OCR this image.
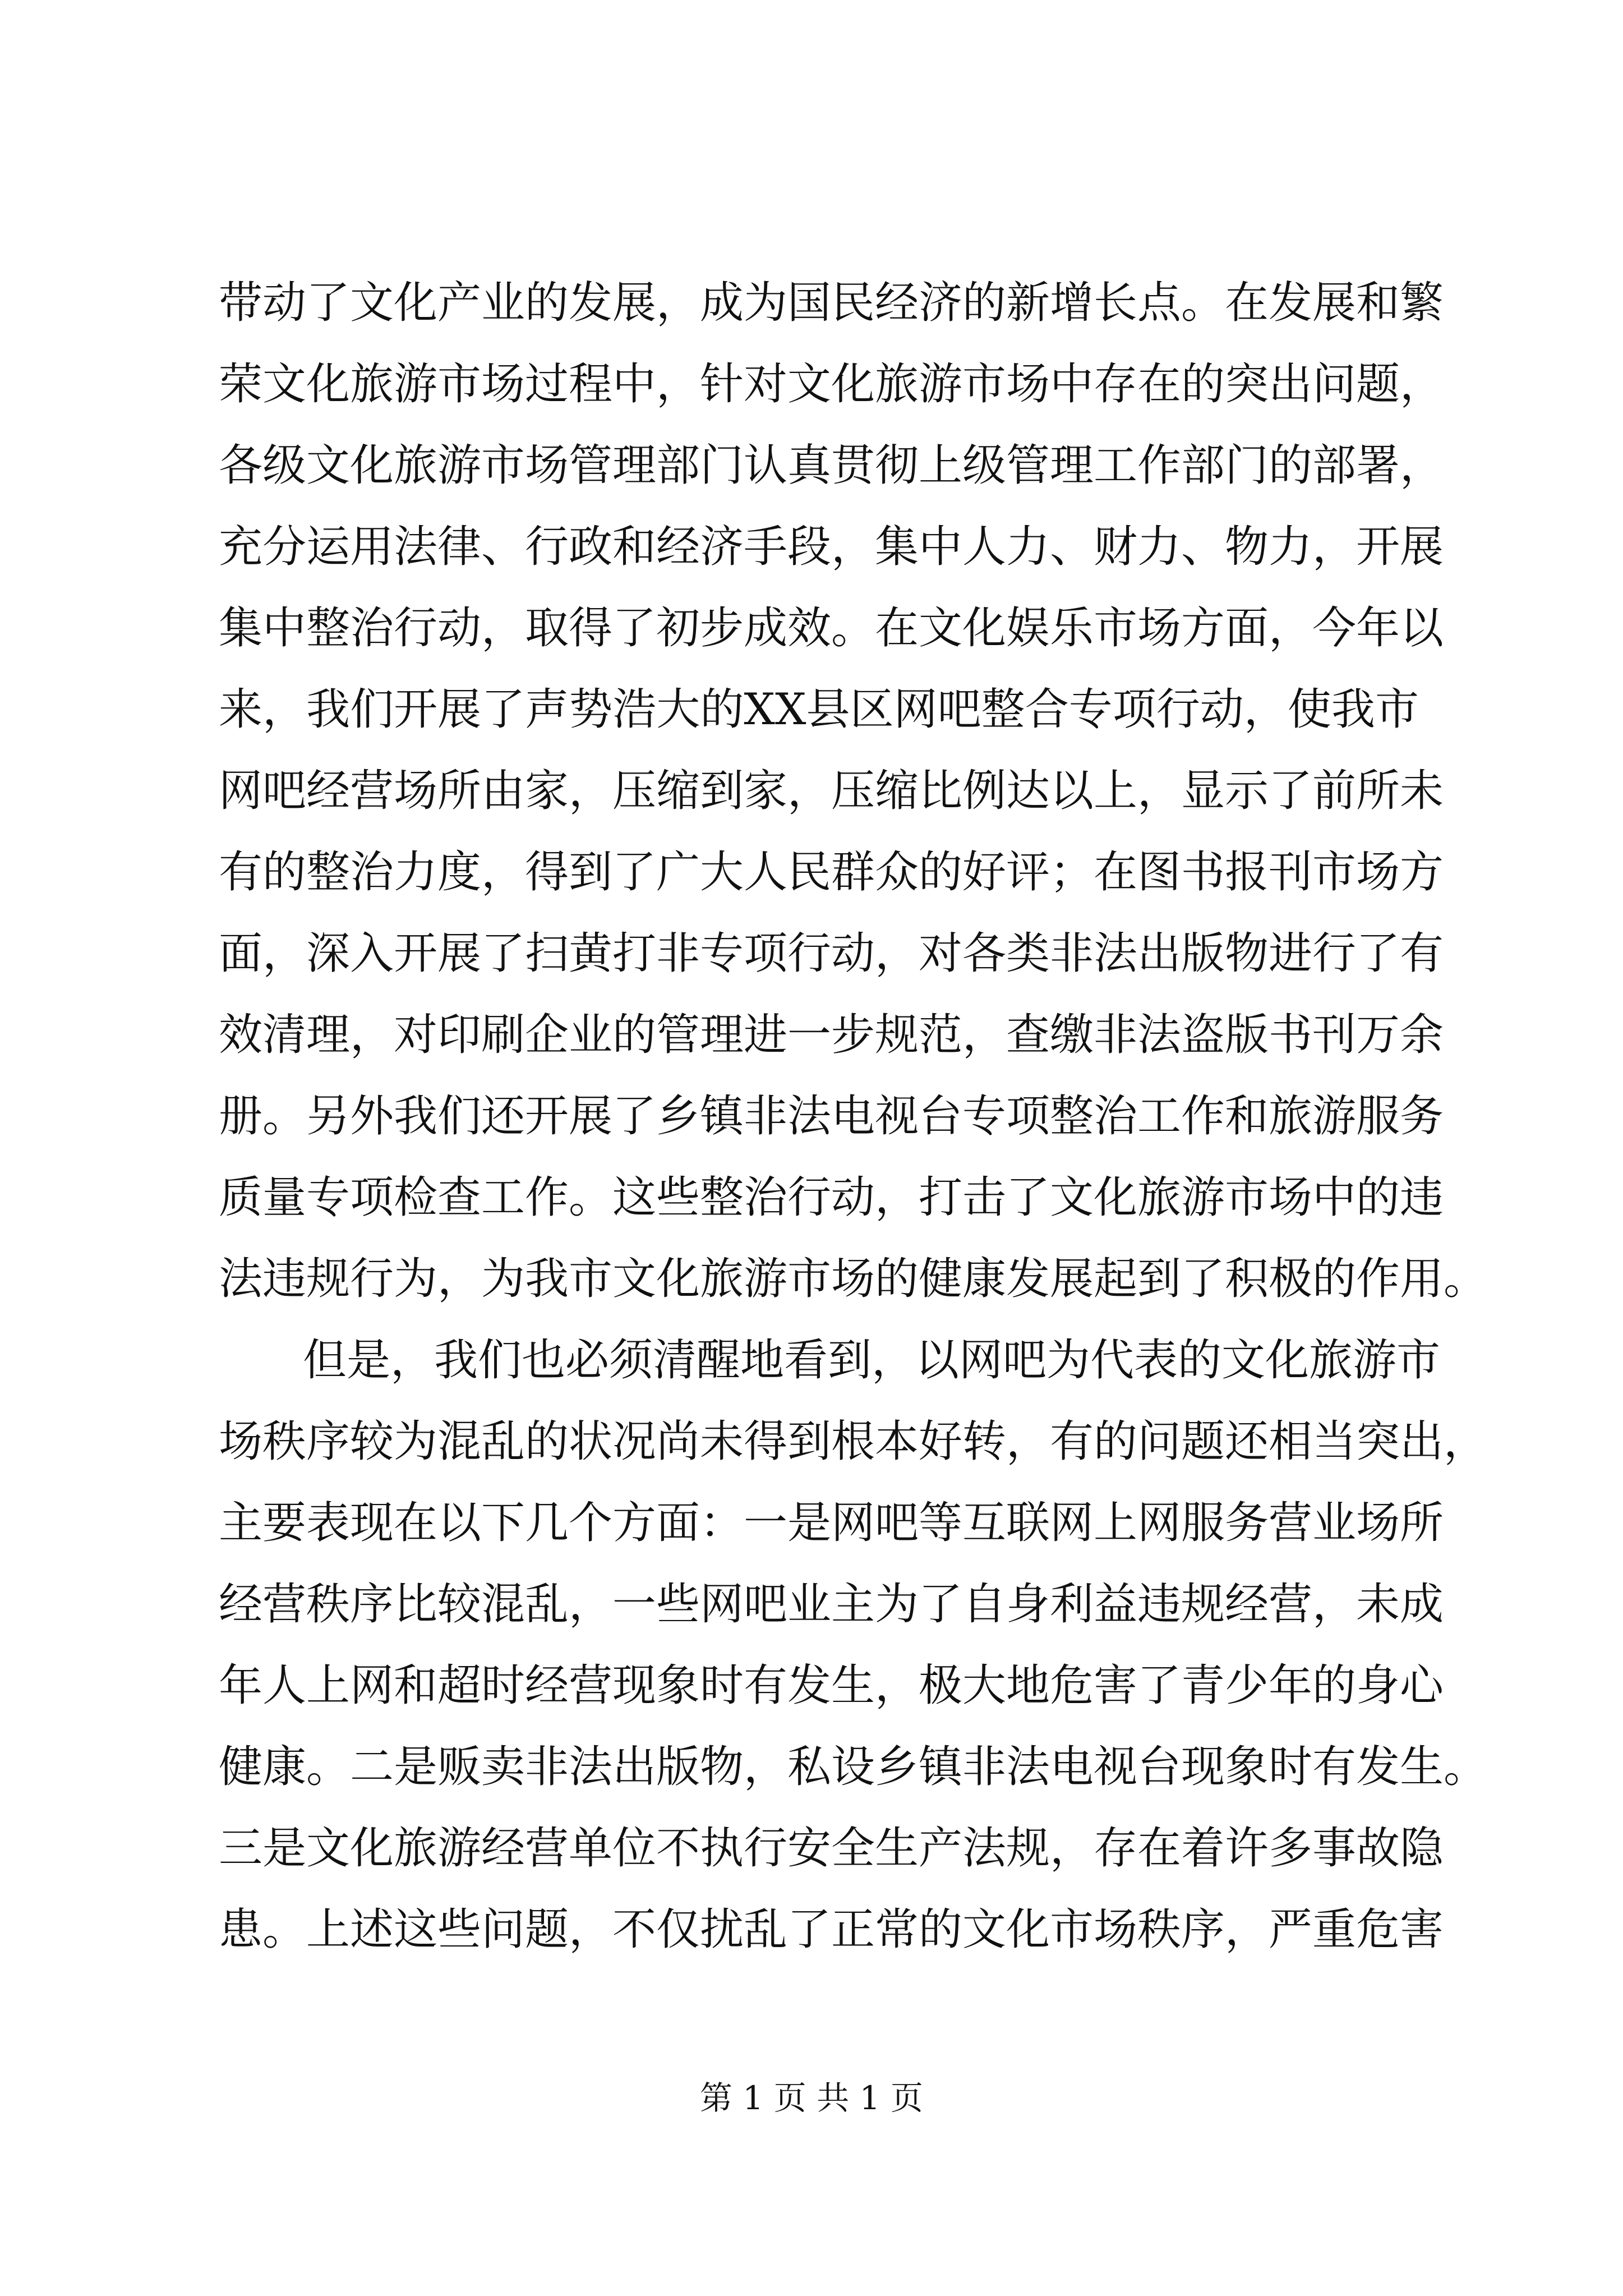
带动了文化产业的发展，成为国民经济的新增长点。在发展和繁
荣文化旅游市场过程中，针对文化旅游市场中存在的突出问题，
各级文化旅游市场管理部门认真贯彻上级管理工作部门的部署，
充分运用法律、行政和经济手段，集中人力、财力、物力，开展
集中整治行动，取得了初步成效。在文化娱乐市场方面，今年以
来，我们开展了声势浩大的XX县区网吧整合专项行动，使我市
网吧经营场所由家，压缩到家，压缩比例达以上，显示了前所未
有的整治力度，得到了广大人民群众的好评；在图书报刊市场方
面，深入开展了扫黄打非专项行动，对各类非法出版物进行了有
效清理，对印刷企业的管理进一步规范，查缴非法盗版书刊万余
册。另外我们还开展了乡镇非法电视台专项整治工作和旅游服务
质量专项检查工作。这些整治行动，打击了文化旅游市场中的违
法违规行为，为我市文化旅游市场的健康发展起到了积极的作用。
但是，我们也必须清醒地看到，以网吧为代表的文化旅游市
场秩序较为混乱的状况尚未得到根本好转，有的问题还相当突出，
主要表现在以下几个方面：一是网吧等互联网上网服务营业场所
经营秩序比较混乱，一些网吧业主为了自身利益违规经营，未成
年人上网和超时经营现象时有发生，极大地危害了青少年的身心
健康。二是贩卖非法出版物，私设乡镇非法电视台现象时有发生。
三是文化旅游经营单位不执行安全生产法规，存在着许多事故隐
患。上述这些问题，不仅扰乱了正常的文化市场秩序，严重危害
第 1 页 共 1 页
